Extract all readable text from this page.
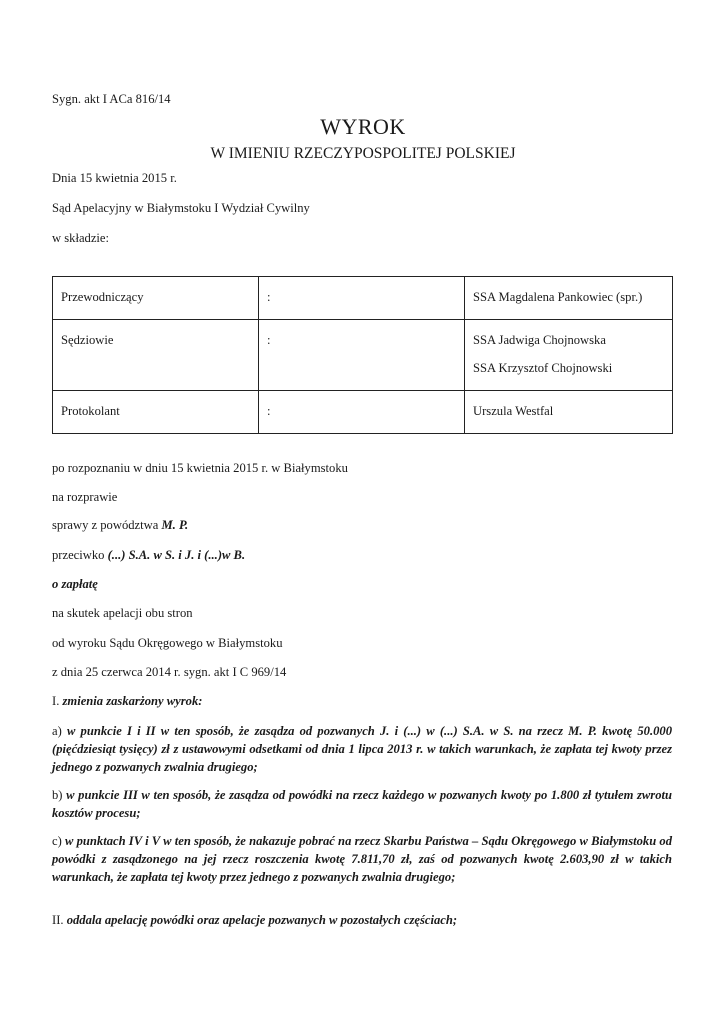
Sygn. akt I ACa 816/14
WYROK
W IMIENIU RZECZYPOSPOLITEJ POLSKIEJ
Dnia 15 kwietnia 2015 r.
Sąd Apelacyjny w Białymstoku I Wydział Cywilny
w składzie:
Przewodniczący	:	SSA Magdalena Pankowiec (spr.)

Sędziowie	:	SSA Jadwiga Chojnowska
SSA Krzysztof Chojnowski

Protokolant	:	Urszula Westfal
po rozpoznaniu w dniu 15 kwietnia 2015 r. w Białymstoku
na rozprawie
sprawy z powództwa M. P.
przeciwko (...) S.A. w S. i J. i (...)w B.
o zapłatę
na skutek apelacji obu stron
od wyroku Sądu Okręgowego w Białymstoku
z dnia 25 czerwca 2014 r. sygn. akt I C 969/14
I. zmienia zaskarżony wyrok:
a) w punkcie I i II w ten sposób, że zasądza od pozwanych J. i (...) w (...) S.A. w S. na rzecz M. P. kwotę 50.000 (pięćdziesiąt tysięcy) zł z ustawowymi odsetkami od dnia 1 lipca 2013 r. w takich warunkach, że zapłata tej kwoty przez jednego z pozwanych zwalnia drugiego;
b) w punkcie III w ten sposób, że zasądza od powódki na rzecz każdego w pozwanych kwoty po 1.800 zł tytułem zwrotu kosztów procesu;
c) w punktach IV i V w ten sposób, że nakazuje pobrać na rzecz Skarbu Państwa – Sądu Okręgowego w Białymstoku od powódki z zasądzonego na jej rzecz roszczenia kwotę 7.811,70 zł, zaś od pozwanych kwotę 2.603,90 zł w takich warunkach, że zapłata tej kwoty przez jednego z pozwanych zwalnia drugiego;
II. oddala apelację powódki oraz apelacje pozwanych w pozostałych częściach;
